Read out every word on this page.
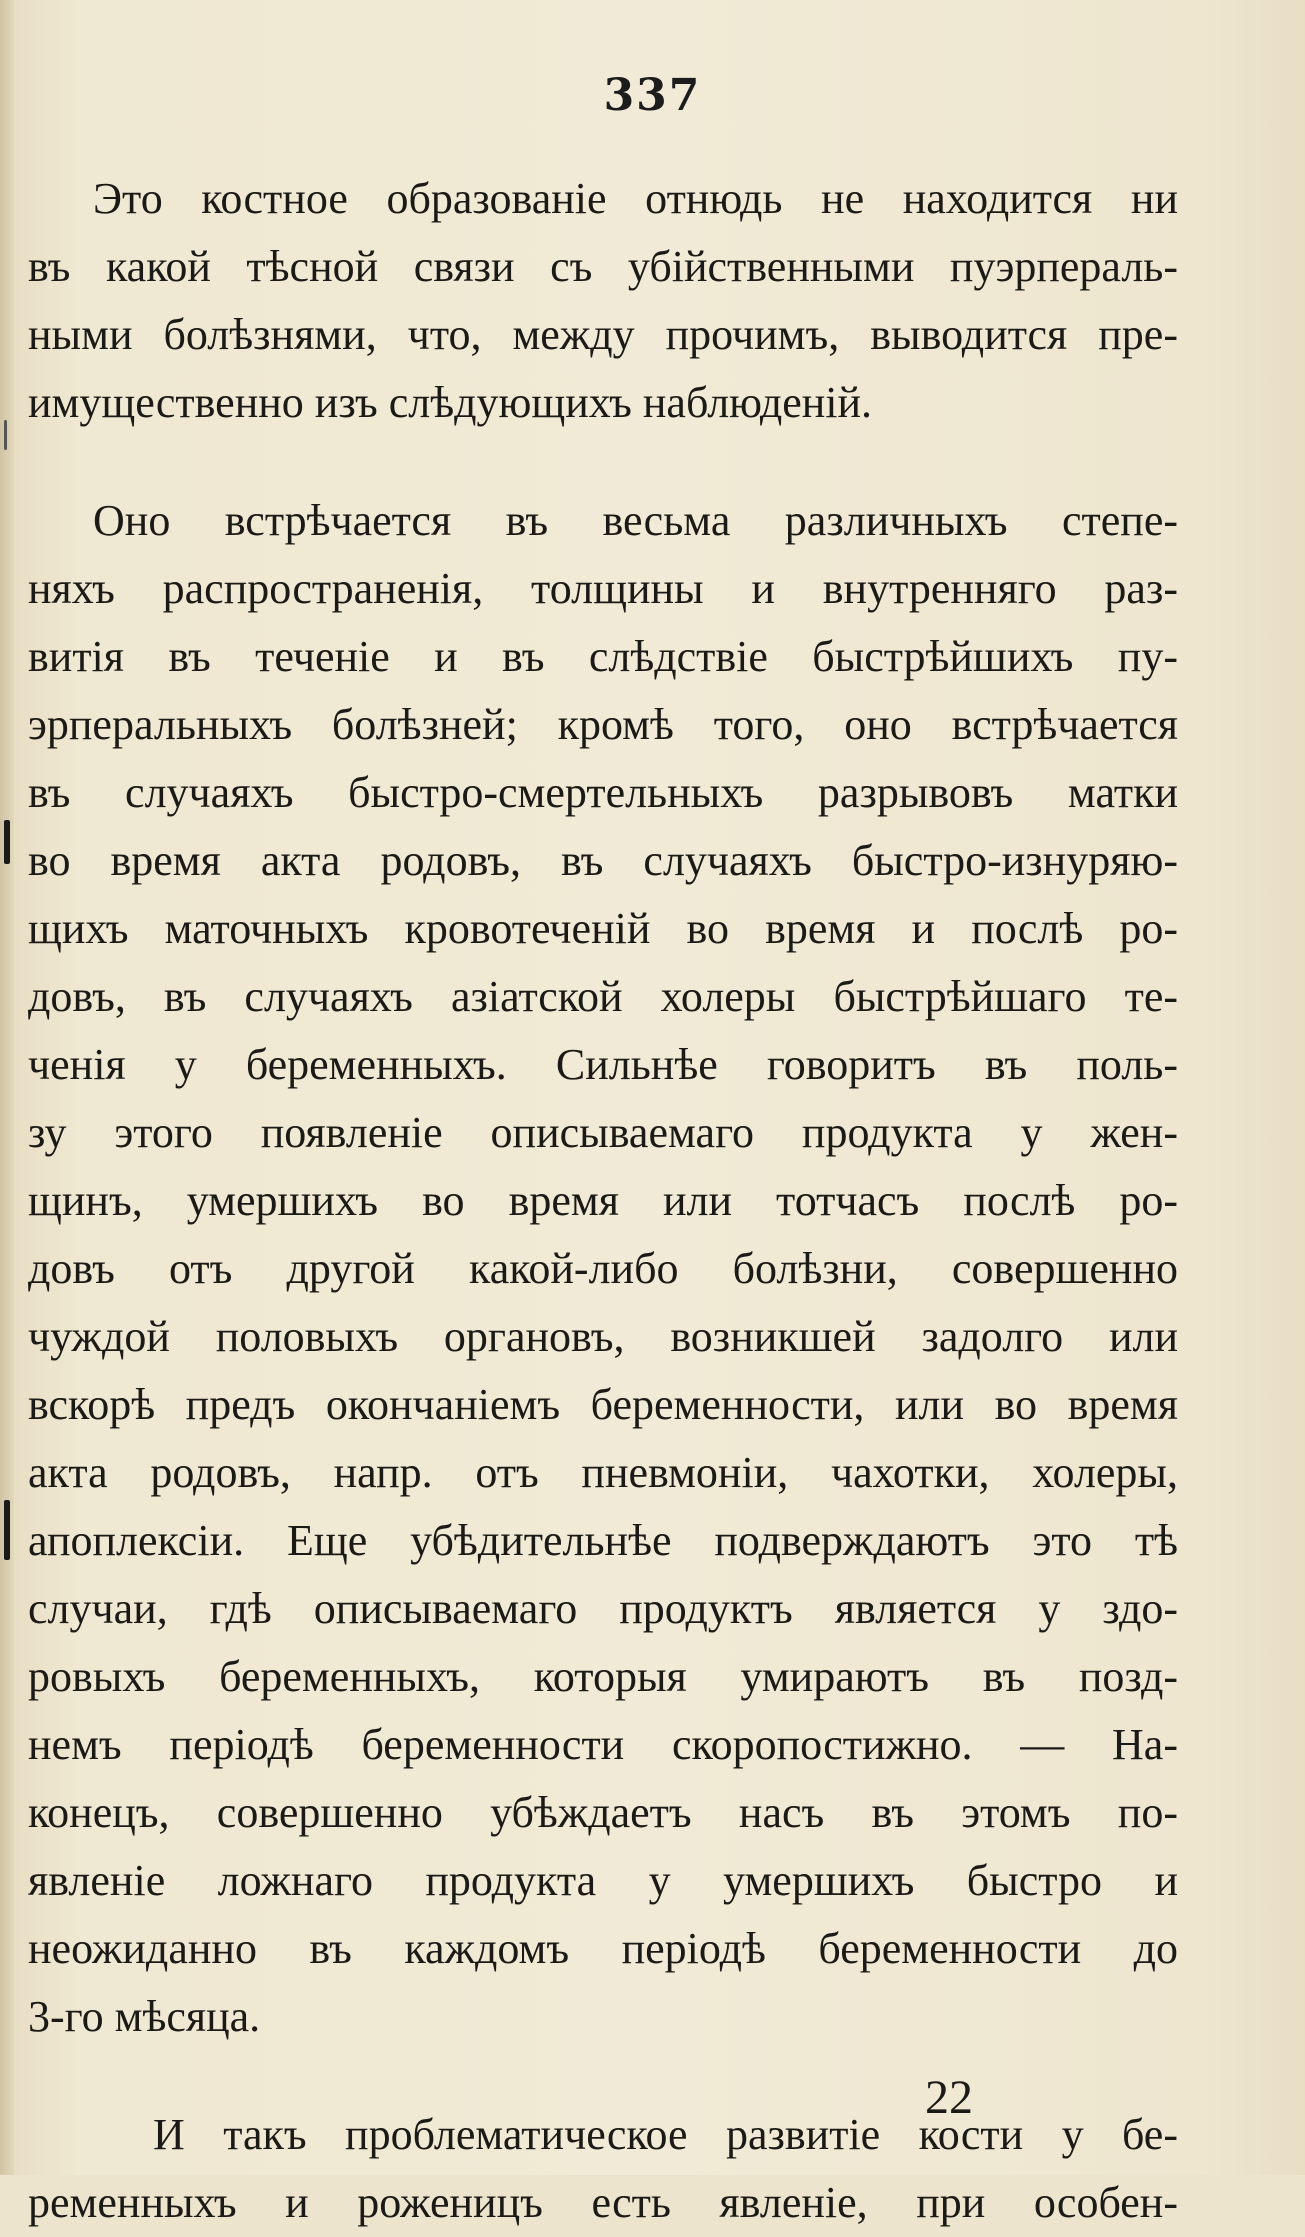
337
Это костное образованіе отнюдь не находится ни
въ какой тѣсной связи съ убійственными пуэрпераль-
ными болѣзнями, что, между прочимъ, выводится пре-
имущественно изъ слѣдующихъ наблюденій.
Оно встрѣчается въ весьма различныхъ степе-
няхъ распространенія, толщины и внутренняго раз-
витія въ теченіе и въ слѣдствіе быстрѣйшихъ пу-
эрперальныхъ болѣзней; кромѣ того, оно встрѣчается
въ случаяхъ быстро-смертельныхъ разрывовъ матки
во время акта родовъ, въ случаяхъ быстро-изнуряю-
щихъ маточныхъ кровотеченій во время и послѣ ро-
довъ, въ случаяхъ азіатской холеры быстрѣйшаго те-
ченія у беременныхъ. Сильнѣе говоритъ въ поль-
зу этого появленіе описываемаго продукта у жен-
щинъ, умершихъ во время или тотчасъ послѣ ро-
довъ отъ другой какой-либо болѣзни, совершенно
чуждой половыхъ органовъ, возникшей задолго или
вскорѣ предъ окончаніемъ беременности, или во время
акта родовъ, напр. отъ пневмоніи, чахотки, холеры,
апоплексіи. Еще убѣдительнѣе подверждаютъ это тѣ
случаи, гдѣ описываемаго продуктъ является у здо-
ровыхъ беременныхъ, которыя умираютъ въ позд-
немъ періодѣ беременности скоропостижно. — На-
конецъ, совершенно убѣждаетъ насъ въ этомъ по-
явленіе ложнаго продукта у умершихъ быстро и
неожиданно въ каждомъ періодѣ беременности до
3-го мѣсяца.
И такъ проблематическое развитіе кости у бе-
ременныхъ и роженицъ есть явленіе, при особен-
22
